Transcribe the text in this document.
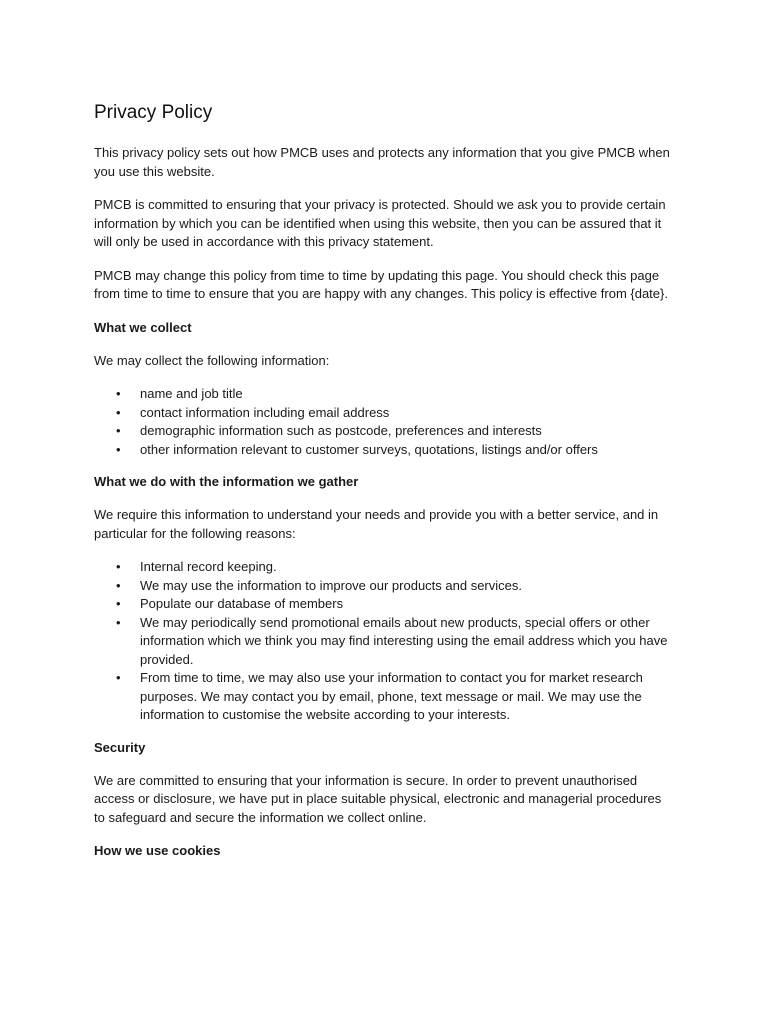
Privacy Policy

This privacy policy sets out how PMCB uses and protects any information that you give PMCB when you use this website.

PMCB is committed to ensuring that your privacy is protected. Should we ask you to provide certain information by which you can be identified when using this website, then you can be assured that it will only be used in accordance with this privacy statement.

PMCB may change this policy from time to time by updating this page. You should check this page from time to time to ensure that you are happy with any changes. This policy is effective from {date}.

What we collect

We may collect the following information:

• name and job title
• contact information including email address
• demographic information such as postcode, preferences and interests
• other information relevant to customer surveys, quotations, listings and/or offers
What we do with the information we gather

We require this information to understand your needs and provide you with a better service, and in particular for the following reasons:

• Internal record keeping.
• We may use the information to improve our products and services.
• Populate our database of members
• We may periodically send promotional emails about new products, special offers or other information which we think you may find interesting using the email address which you have provided.
• From time to time, we may also use your information to contact you for market research purposes. We may contact you by email, phone, text message or mail. We may use the information to customise the website according to your interests.
Security

We are committed to ensuring that your information is secure. In order to prevent unauthorised access or disclosure, we have put in place suitable physical, electronic and managerial procedures to safeguard and secure the information we collect online.

How we use cookies
